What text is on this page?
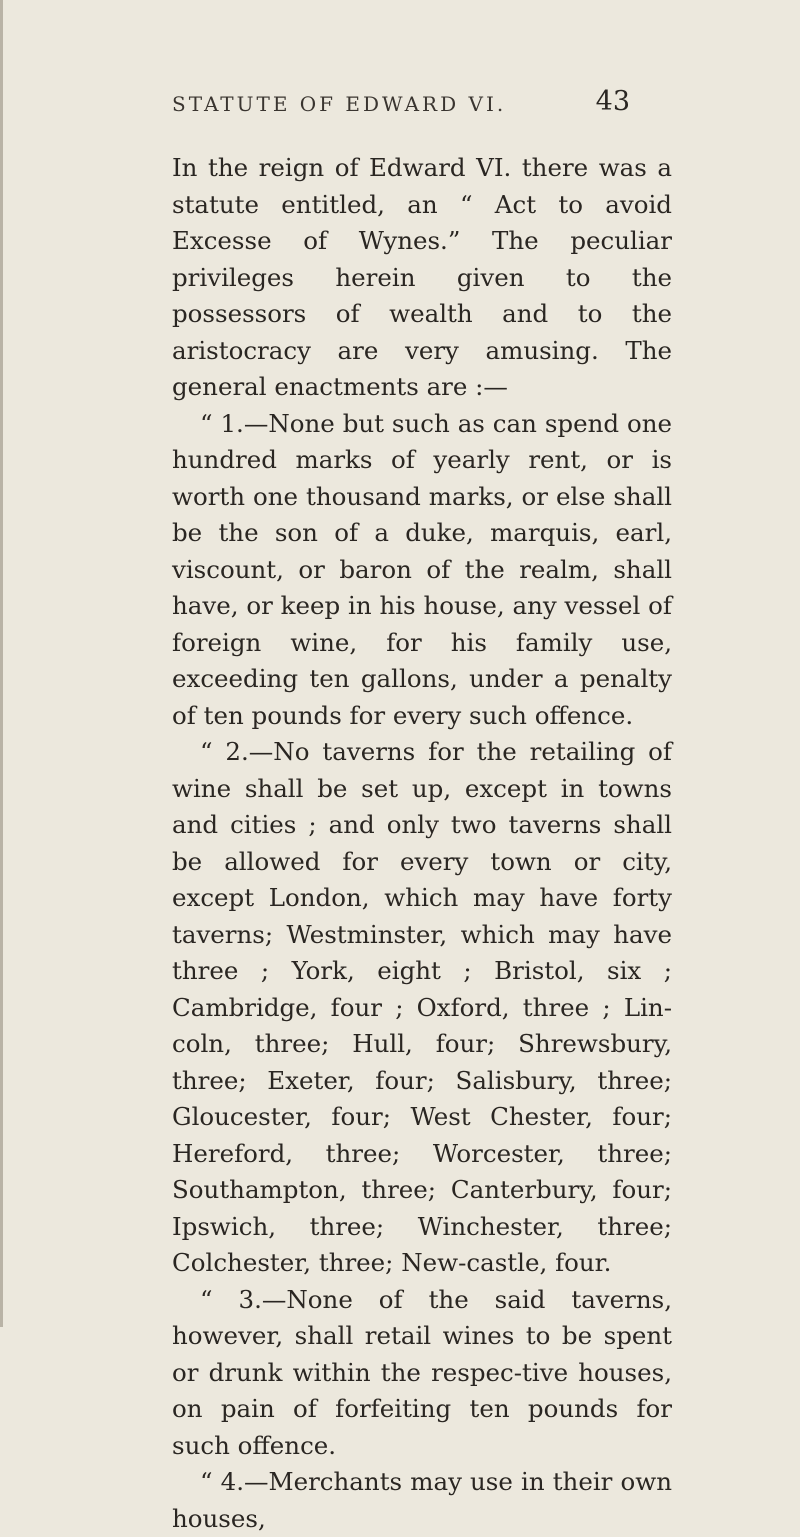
STATUTE OF EDWARD VI.	43

In the reign of Edward VI. there was a statute entitled, an “ Act to avoid Excesse of Wynes.” The peculiar privileges herein given to the possessors of wealth and to the aristocracy are very amusing. The general enactments are :—

“ 1.—None but such as can spend one hundred marks of yearly rent, or is worth one thousand marks, or else shall be the son of a duke, marquis, earl, viscount, or baron of the realm, shall have, or keep in his house, any vessel of foreign wine, for his family use, exceeding ten gallons, under a penalty of ten pounds for every such offence.

“ 2.—No taverns for the retailing of wine shall be set up, except in towns and cities ; and only two taverns shall be allowed for every town or city, except London, which may have forty taverns; Westminster, which may have three ; York, eight ; Bristol, six ; Cambridge, four ; Oxford, three ; Lin-coln, three; Hull, four; Shrewsbury, three; Exeter, four; Salisbury, three; Gloucester, four; West Chester, four; Hereford, three; Worcester, three; Southampton, three; Canterbury, four; Ipswich, three; Winchester, three; Colchester, three; New-castle, four.

“ 3.—None of the said taverns, however, shall retail wines to be spent or drunk within the respec-tive houses, on pain of forfeiting ten pounds for such offence.

“ 4.—Merchants may use in their own houses,
